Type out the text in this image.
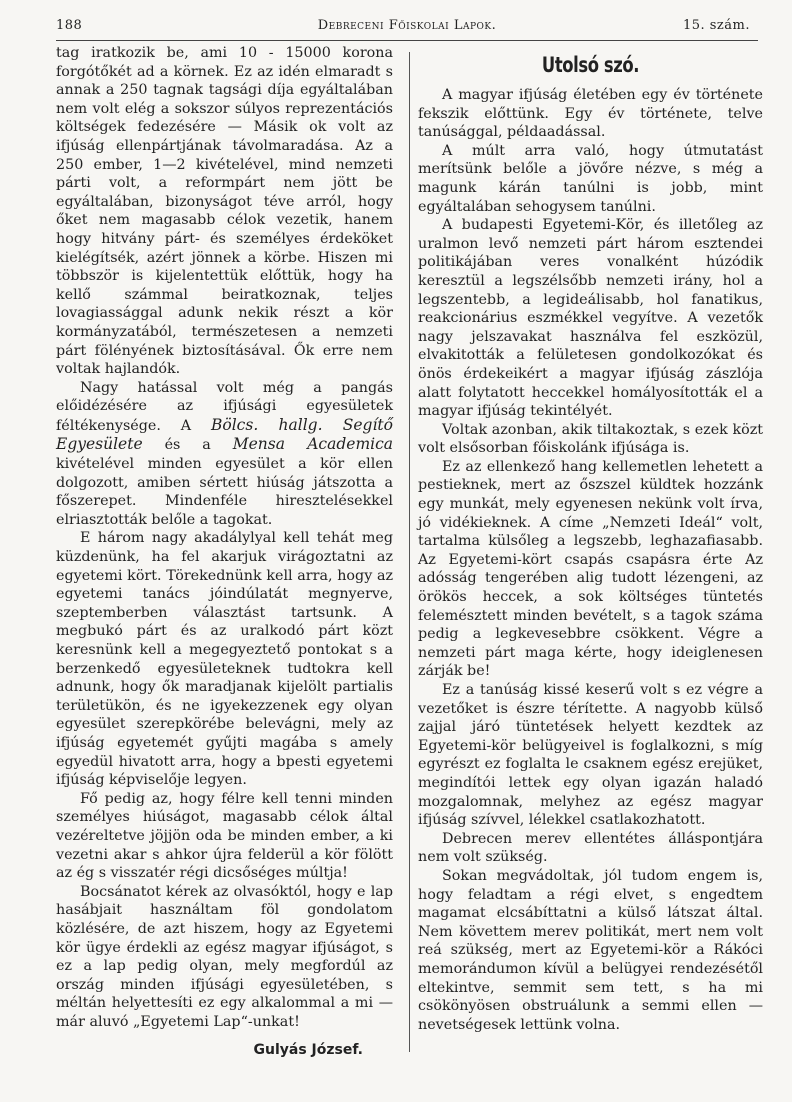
188	Debreceni Főiskolai Lapok.	15. szám.

tag iratkozik be, ami 10 - 15000 korona forgótőkét ad a körnek. Ez az idén elmaradt s annak a 250 tagnak tagsági díja egyáltalában nem volt elég a sokszor súlyos reprezentációs költségek fedezésére — Másik ok volt az ifjúság ellenpártjának távolmaradása. Az a 250 ember, 1—2 kivételével, mind nemzeti párti volt, a reformpárt nem jött be egyáltalában, bizonyságot téve arról, hogy őket nem magasabb célok vezetik, hanem hogy hitvány párt- és személyes érdeköket kielégítsék, azért jönnek a körbe. Hiszen mi többször is kijelentettük előttük, hogy ha kellő számmal beiratkoznak, teljes lovagiassággal adunk nekik részt a kör kormányzatából, természetesen a nemzeti párt fölényének biztosításával. Ők erre nem voltak hajlandók.

Nagy hatással volt még a pangás előidézésére az ifjúsági egyesületek féltékenysége. A Bölcs. hallg. Segítő Egyesülete és a Mensa Academica kivételével minden egyesület a kör ellen dolgozott, amiben sértett hiúság játszotta a főszerepet. Mindenféle hiresztelésekkel elriasztották belőle a tagokat.

E három nagy akadálylyal kell tehát meg küzdenünk, ha fel akarjuk virágoztatni az egyetemi kört. Törekednünk kell arra, hogy az egyetemi tanács jóindúlatát megnyerve, szeptemberben választást tartsunk. A megbukó párt és az uralkodó párt közt keresnünk kell a megegyeztető pontokat s a berzenkedő egyesületeknek tudtokra kell adnunk, hogy ők maradjanak kijelölt partialis területükön, és ne igyekezzenek egy olyan egyesület szerepkörébe belevágni, mely az ifjúság egyetemét gyűjti magába s amely egyedül hivatott arra, hogy a bpesti egyetemi ifjúság képviselője legyen.

Fő pedig az, hogy félre kell tenni minden személyes hiúságot, magasabb célok által vezéreltetve jöjjön oda be minden ember, a ki vezetni akar s ahkor újra felderül a kör fölött az ég s visszatér régi dicsőséges múltja!

Bocsánatot kérek az olvasóktól, hogy e lap hasábjait használtam föl gondolatom közlésére, de azt hiszem, hogy az Egyetemi kör ügye érdekli az egész magyar ifjúságot, s ez a lap pedig olyan, mely megfordúl az ország minden ifjúsági egyesületében, s méltán helyettesíti ez egy alkalommal a mi — már aluvó „Egyetemi Lap“-unkat!

Gulyás József.
Utolsó szó.

A magyar ifjúság életében egy év története fekszik előttünk. Egy év története, telve tanúsággal, példaadással.

A múlt arra való, hogy útmutatást merítsünk belőle a jövőre nézve, s még a magunk kárán tanúlni is jobb, mint egyáltalában sehogysem tanúlni.

A budapesti Egyetemi-Kör, és illetőleg az uralmon levő nemzeti párt három esztendei politikájában veres vonalként húzódik keresztül a legszélsőbb nemzeti irány, hol a legszentebb, a legideálisabb, hol fanatikus, reakcionárius eszmékkel vegyítve. A vezetők nagy jelszavakat használva fel eszközül, elvakitották a felületesen gondolkozókat és önös érdekeikért a magyar ifjúság zászlója alatt folytatott heccekkel homályosították el a magyar ifjúság tekintélyét.

Voltak azonban, akik tiltakoztak, s ezek közt volt elsősorban főiskolánk ifjúsága is.

Ez az ellenkező hang kellemetlen lehetett a pestieknek, mert az őszszel küldtek hozzánk egy munkát, mely egyenesen nekünk volt írva, jó vidékieknek. A címe „Nemzeti Ideál“ volt, tartalma külsőleg a legszebb, leghazafiasabb. Az Egyetemi-kört csapás csapásra érte Az adósság tengerében alig tudott lézengeni, az örökös heccek, a sok költséges tüntetés felemésztett minden bevételt, s a tagok száma pedig a legkevesebbre csökkent. Végre a nemzeti párt maga kérte, hogy ideiglenesen zárják be!

Ez a tanúság kissé keserű volt s ez végre a vezetőket is észre térítette. A nagyobb külső zajjal járó tüntetések helyett kezdtek az Egyetemi-kör belügyeivel is foglalkozni, s míg egyrészt ez foglalta le csaknem egész erejüket, megindítói lettek egy olyan igazán haladó mozgalomnak, melyhez az egész magyar ifjúság szívvel, lélekkel csatlakozhatott.

Debrecen merev ellentétes álláspontjára nem volt szükség.

Sokan megvádoltak, jól tudom engem is, hogy feladtam a régi elvet, s engedtem magamat elcsábíttatni a külső látszat által. Nem követtem merev politikát, mert nem volt reá szükség, mert az Egyetemi-kör a Rákóci memorándumon kívül a belügyei rendezésétől eltekintve, semmit sem tett, s ha mi csökönyösen obstruálunk a semmi ellen — nevetségesek lettünk volna.
